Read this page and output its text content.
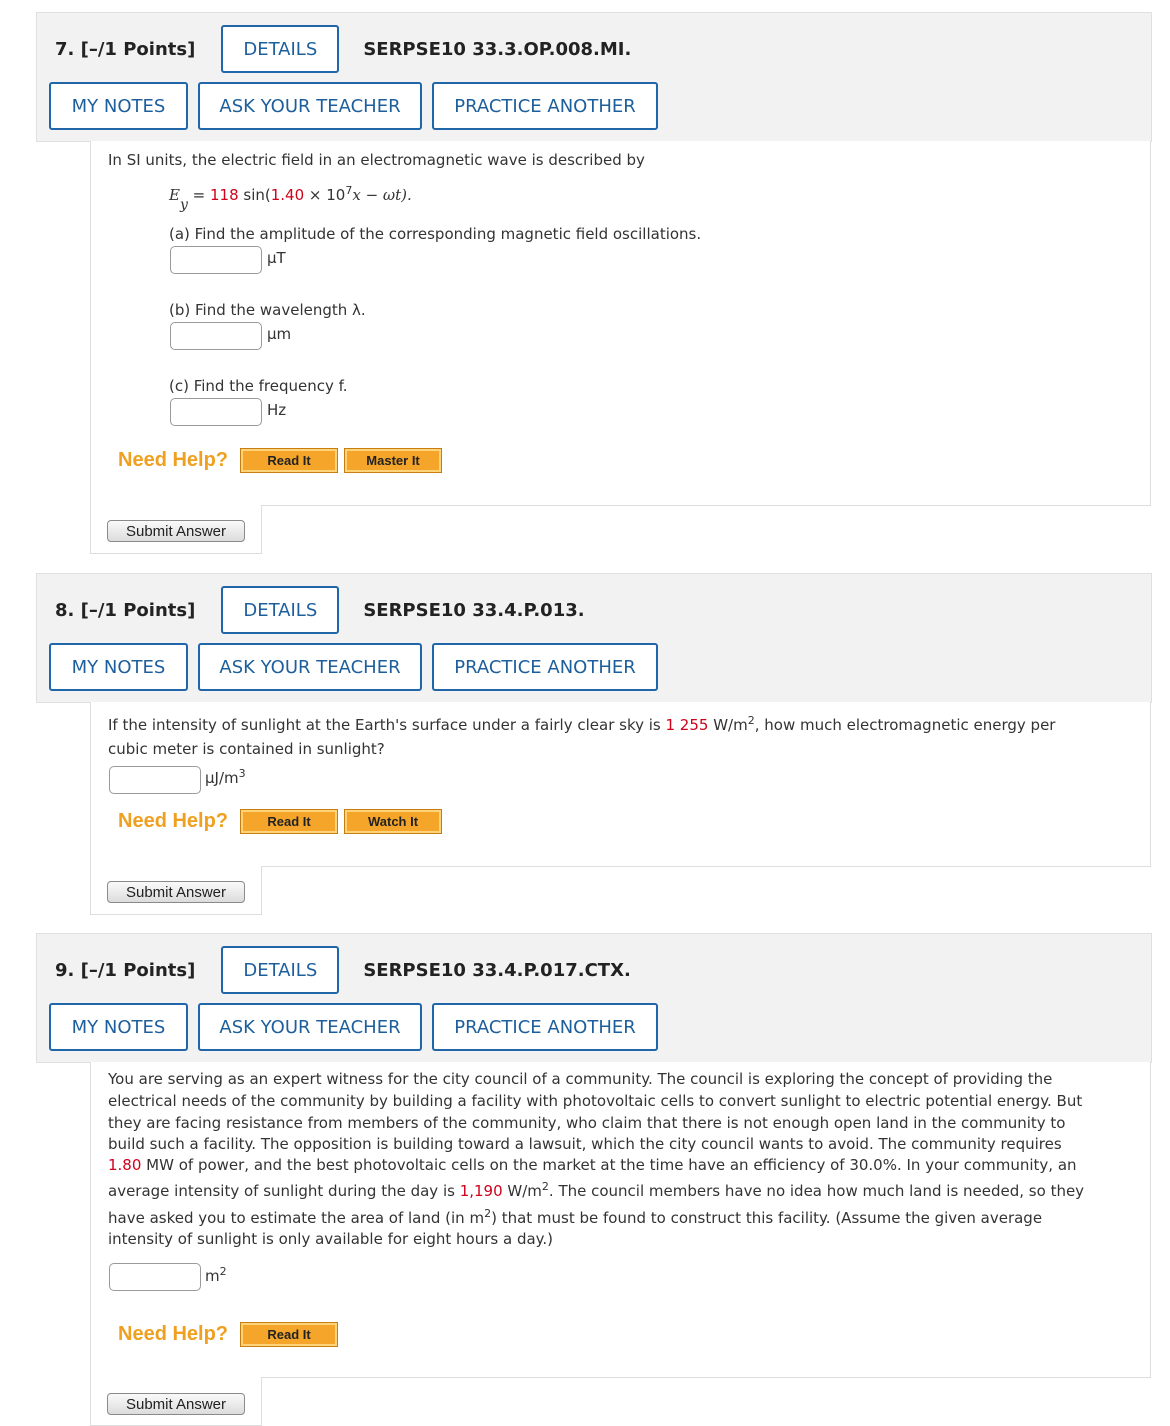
7. [–/1 Points]	DETAILS	SERPSE10 33.3.OP.008.MI.
MY NOTES	ASK YOUR TEACHER	PRACTICE ANOTHER
In SI units, the electric field in an electromagnetic wave is described by
Ey = 118 $\sin(1.40 \times 10^7x - \omega t)$.
(a) Find the amplitude of the corresponding magnetic field oscillations.
µT
(b) Find the wavelength λ.
µm
(c) Find the frequency f.
Hz
Need Help?	Read It	Master It
Submit Answer
8. [–/1 Points]	DETAILS	SERPSE10 33.4.P.013.
MY NOTES	ASK YOUR TEACHER	PRACTICE ANOTHER
If the intensity of sunlight at the Earth's surface under a fairly clear sky is 1 255 $W/m^2$, how much electromagnetic energy per
cubic meter is contained in sunlight?
$\mu J/m^3$
Need Help?	Read It	Watch It
Submit Answer
9. [–/1 Points]	DETAILS	SERPSE10 33.4.P.017.CTX.
MY NOTES	ASK YOUR TEACHER	PRACTICE ANOTHER
You are serving as an expert witness for the city council of a community. The council is exploring the concept of providing the
electrical needs of the community by building a facility with photovoltaic cells to convert sunlight to electric potential energy. But
they are facing resistance from members of the community, who claim that there is not enough open land in the community to
build such a facility. The opposition is building toward a lawsuit, which the city council wants to avoid. The community requires
1.80 MW of power, and the best photovoltaic cells on the market at the time have an efficiency of 30.0%. In your community, an
average intensity of sunlight during the day is 1,190 $W/m^2$. The council members have no idea how much land is needed, so they
have asked you to estimate the area of land (in $m^2$) that must be found to construct this facility. (Assume the given average
intensity of sunlight is only available for eight hours a day.)
$m^2$
Need Help?	Read It
Submit Answer
